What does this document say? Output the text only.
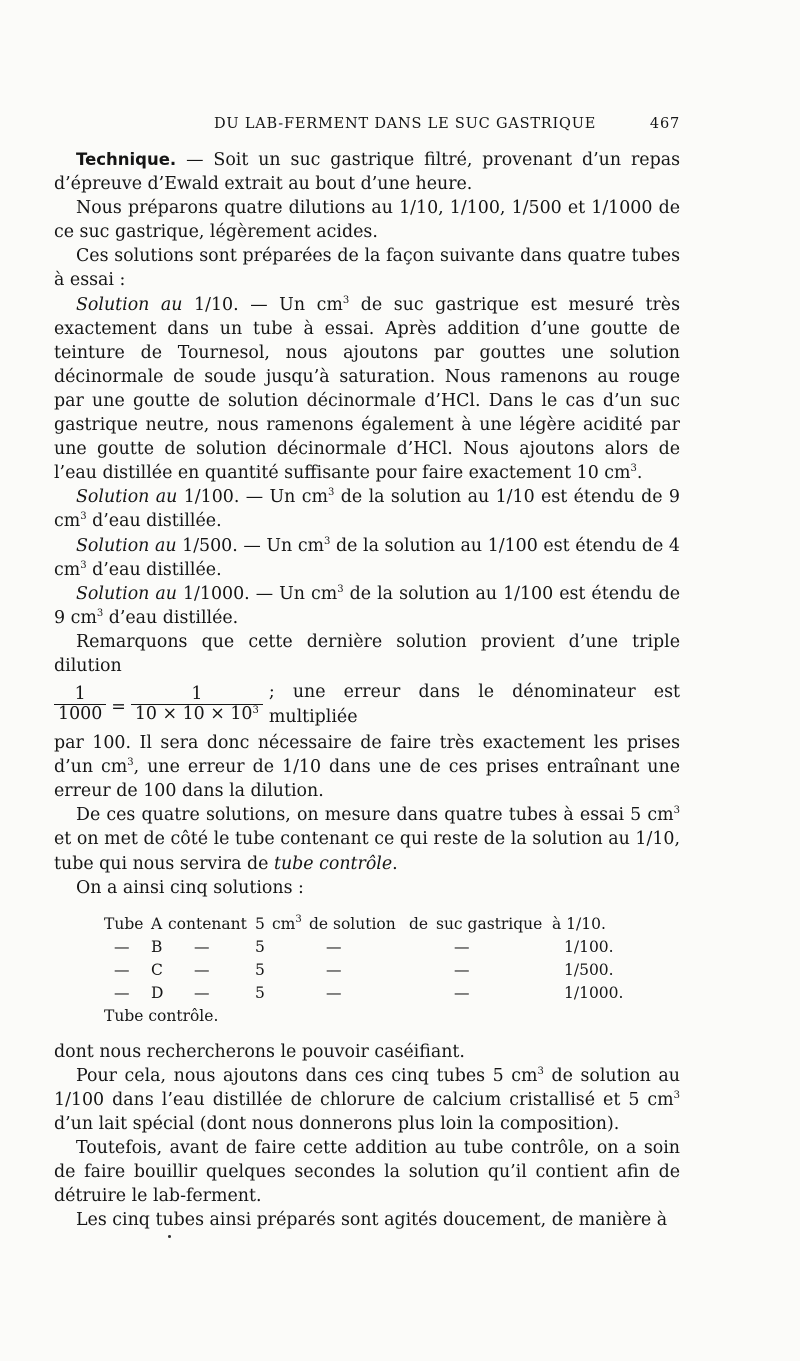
DU LAB-FERMENT DANS LE SUC GASTRIQUE	467

Technique. — Soit un suc gastrique filtré, provenant d’un repas d’épreuve d’Ewald extrait au bout d’une heure.

Nous préparons quatre dilutions au 1/10, 1/100, 1/500 et 1/1000 de ce suc gastrique, légèrement acides.

Ces solutions sont préparées de la façon suivante dans quatre tubes à essai :

Solution au 1/10. — Un $cm^3$ de suc gastrique est mesuré très exactement dans un tube à essai. Après addition d’une goutte de teinture de Tournesol, nous ajoutons par gouttes une solution décinormale de soude jusqu’à saturation. Nous ramenons au rouge par une goutte de solution décinormale d’HCl. Dans le cas d’un suc gastrique neutre, nous ramenons également à une légère acidité par une goutte de solution décinormale d’HCl. Nous ajoutons alors de l’eau distillée en quantité suffisante pour faire exactement 10 $cm^3$.

Solution au 1/100. — Un $cm^3$ de la solution au 1/10 est étendu de 9 $cm^3$ d’eau distillée.

Solution au 1/500. — Un $cm^3$ de la solution au 1/100 est étendu de 4 $cm^3$ d’eau distillée.

Solution au 1/1000. — Un $cm^3$ de la solution au 1/100 est étendu de 9 $cm^3$ d’eau distillée.

Remarquons que cette dernière solution provient d’une triple dilution

$\frac{1}{1000} = \frac{1}{10 \times 10 \times 10^3}$ ; une erreur dans le dénominateur est multipliée

par 100. Il sera donc nécessaire de faire très exactement les prises d’un $cm^3$, une erreur de 1/10 dans une de ces prises entraînant une erreur de 100 dans la dilution.

De ces quatre solutions, on mesure dans quatre tubes à essai 5 $cm^3$ et on met de côté le tube contenant ce qui reste de la solution au 1/10, tube qui nous servira de tube contrôle.

On a ainsi cinq solutions :

Tube A contenant 5 $cm^3$ de solution de suc gastrique à 1/10.
— B —	5	—	—	1/100.
— C —	5	—	—	1/500.
— D —	5	—	—	1/1000.
Tube contrôle.

dont nous rechercherons le pouvoir caséifiant.

Pour cela, nous ajoutons dans ces cinq tubes 5 $cm^3$ de solution au 1/100 dans l’eau distillée de chlorure de calcium cristallisé et 5 $cm^3$ d’un lait spécial (dont nous donnerons plus loin la composition).

Toutefois, avant de faire cette addition au tube contrôle, on a soin de faire bouillir quelques secondes la solution qu’il contient afin de détruire le lab-ferment.

Les cinq tubes ainsi préparés sont agités doucement, de manière à
